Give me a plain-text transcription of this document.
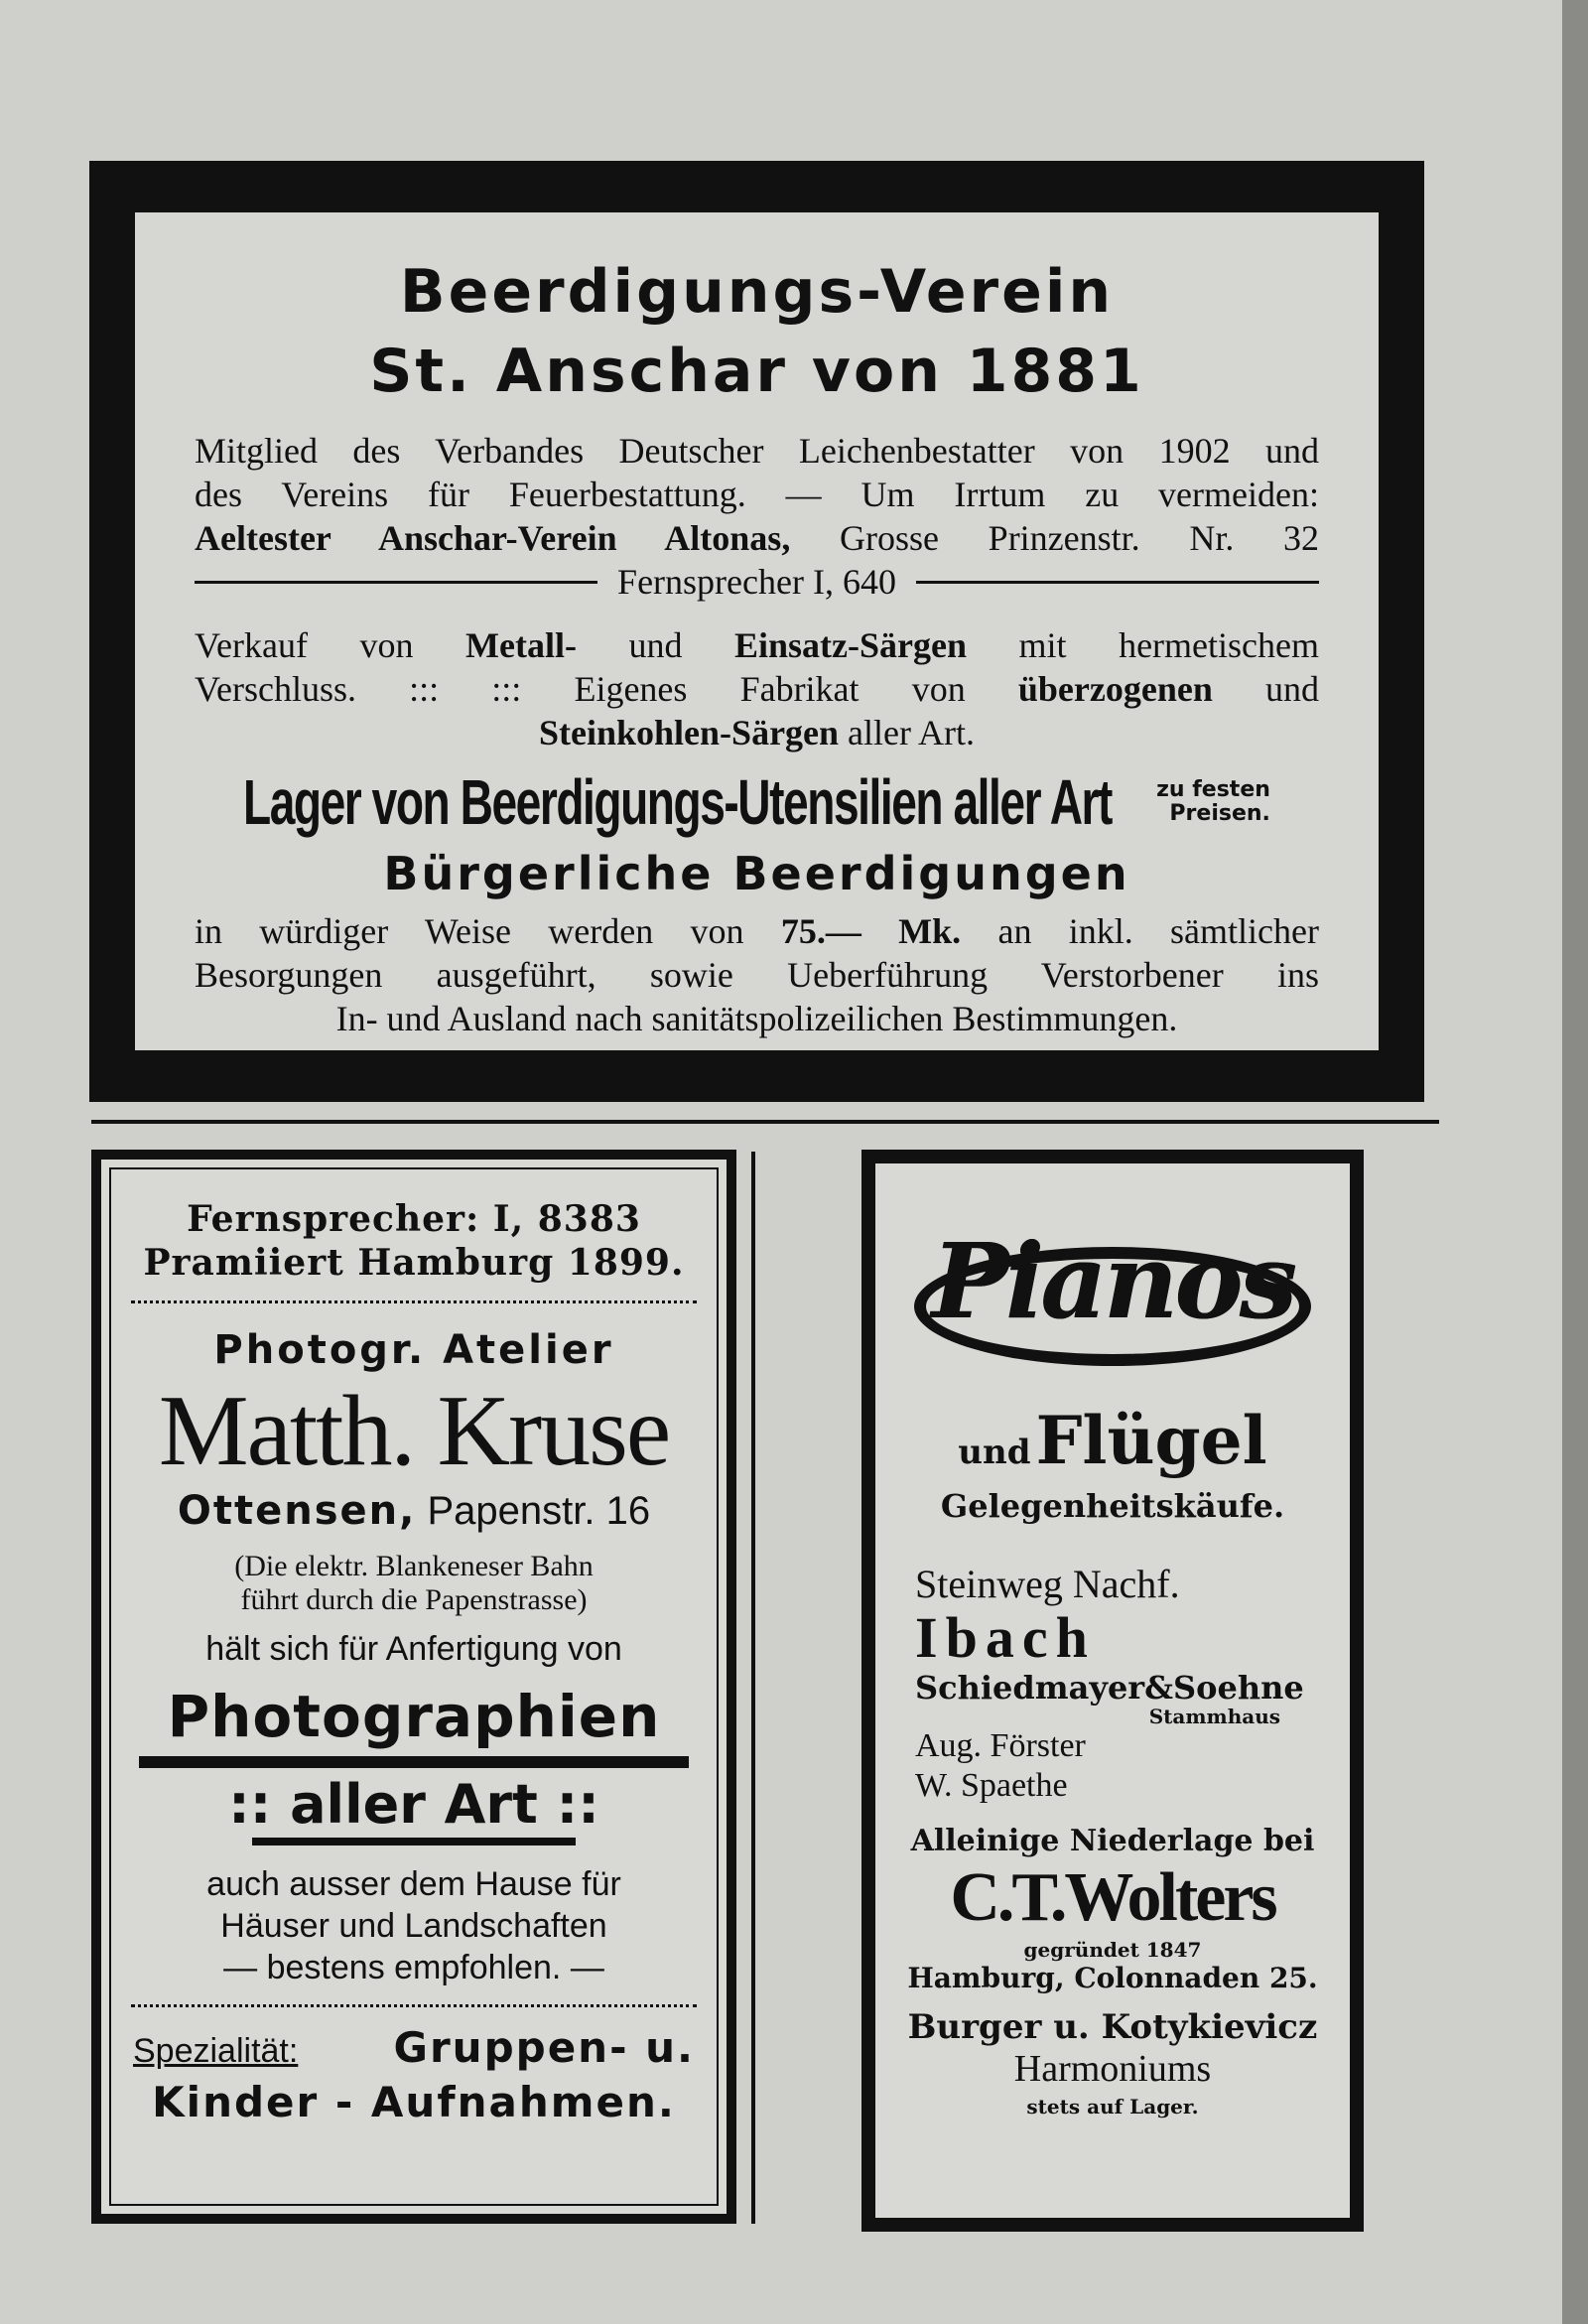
Beerdigungs-Verein
St. Anschar von 1881
Mitglied des Verbandes Deutscher Leichenbestatter von 1902 und
des Vereins für Feuerbestattung. — Um Irrtum zu vermeiden:
Aeltester Anschar-Verein Altonas, Grosse Prinzenstr. Nr. 32
Fernsprecher I, 640
Verkauf von Metall- und Einsatz-Särgen mit hermetischem
Verschluss. ::: ::: Eigenes Fabrikat von überzogenen und
Steinkohlen-Särgen aller Art.
Lager von Beerdigungs-Utensilien aller Art zu festen
Preisen.
Bürgerliche Beerdigungen
in würdiger Weise werden von 75.— Mk. an inkl. sämtlicher
Besorgungen ausgeführt, sowie Ueberführung Verstorbener ins
In- und Ausland nach sanitätspolizeilichen Bestimmungen.
Fernsprecher: I, 8383
Pramiiert Hamburg 1899.
Photogr. Atelier
Matth. Kruse
Ottensen, Papenstr. 16
(Die elektr. Blankeneser Bahn
führt durch die Papenstrasse)
hält sich für Anfertigung von
Photographien
:: aller Art ::
auch ausser dem Hause für
Häuser und Landschaften
— bestens empfohlen. —
Spezialität: Gruppen- u.
Kinder - Aufnahmen.
Pianos
und Flügel
Gelegenheitskäufe.
Steinweg Nachf.
Ibach
Schiedmayer&Soehne
Stammhaus
Aug. Förster
W. Spaethe
Alleinige Niederlage bei
C.T.Wolters
gegründet 1847
Hamburg, Colonnaden 25.
Burger u. Kotykievicz
Harmoniums
stets auf Lager.
